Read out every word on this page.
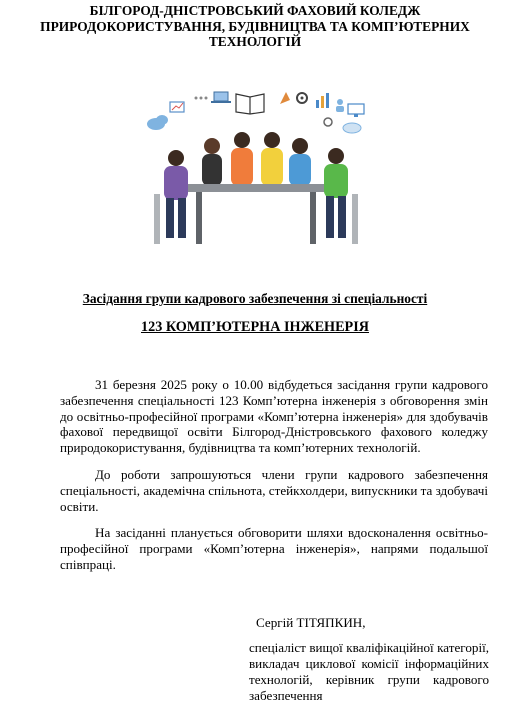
БІЛГОРОД-ДНІСТРОВСЬКИЙ ФАХОВИЙ КОЛЕДЖ
ПРИРОДОКОРИСТУВАННЯ, БУДІВНИЦТВА ТА КОМП’ЮТЕРНИХ
ТЕХНОЛОГІЙ
Засідання групи кадрового забезпечення зі спеціальності
123 КОМП’ЮТЕРНА ІНЖЕНЕРІЯ

31 березня 2025 року о 10.00 відбудеться засідання групи кадрового забезпечення спеціальності 123 Комп’ютерна інженерія з обговорення змін до освітньо-професійної програми «Комп’ютерна інженерія» для здобувачів фахової передвищої освіти Білгород-Дністровського фахового коледжу природокористування, будівництва та комп’ютерних технологій.

До роботи запрошуються члени групи кадрового забезпечення спеціальності, академічна спільнота, стейкхолдери, випускники та здобувачі освіти.

На засіданні планується обговорити шляхи вдосконалення освітньо-професійної програми «Комп’ютерна інженерія», напрями подальшої співпраці.

Сергій ТІТЯПКИН,
спеціаліст вищої кваліфікаційної категорії, викладач циклової комісії інформаційних технологій, керівник групи кадрового забезпечення
